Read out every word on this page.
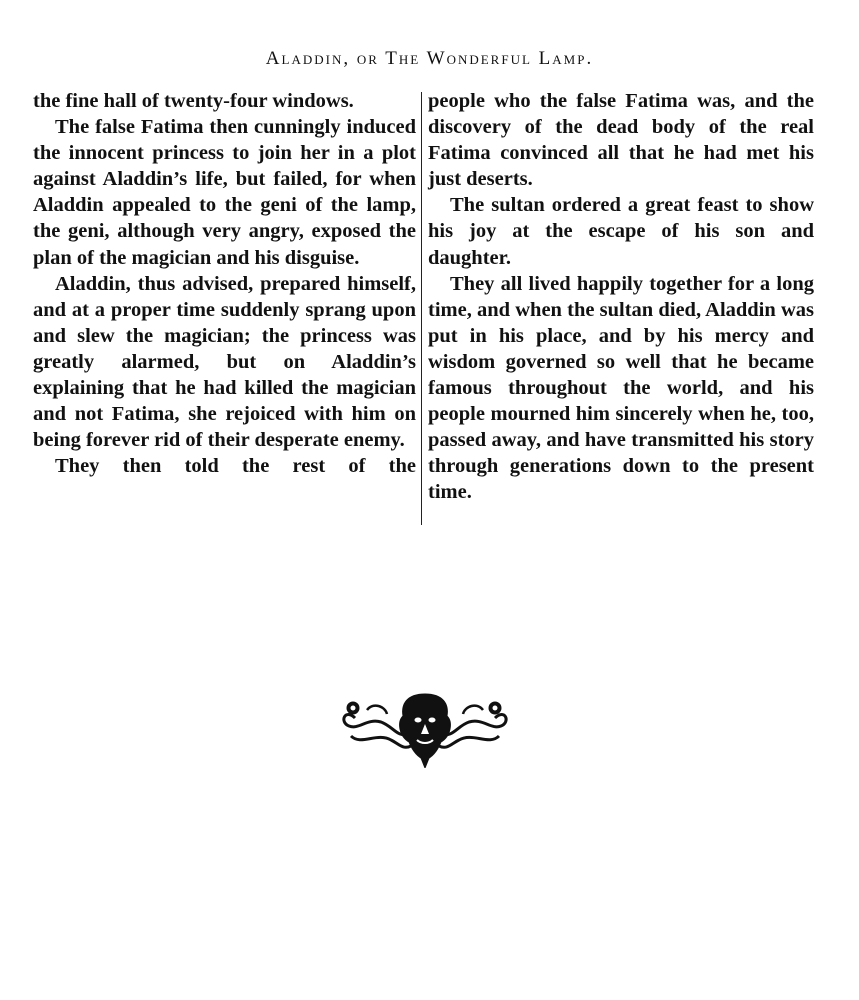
Aladdin, or The Wonderful Lamp.

the fine hall of twenty-four windows.

The false Fatima then cunningly induced the innocent princess to join her in a plot against Aladdin’s life, but failed, for when Aladdin appealed to the geni of the lamp, the geni, although very angry, exposed the plan of the magician and his disguise.

Aladdin, thus advised, prepared himself, and at a proper time suddenly sprang upon and slew the magician; the princess was greatly alarmed, but on Aladdin’s explaining that he had killed the magician and not Fatima, she rejoiced with him on being forever rid of their desperate enemy.

They then told the rest of the

people who the false Fatima was, and the discovery of the dead body of the real Fatima convinced all that he had met his just deserts.

The sultan ordered a great feast to show his joy at the escape of his son and daughter.

They all lived happily together for a long time, and when the sultan died, Aladdin was put in his place, and by his mercy and wisdom governed so well that he became famous throughout the world, and his people mourned him sincerely when he, too, passed away, and have transmitted his story through generations down to the present time.
